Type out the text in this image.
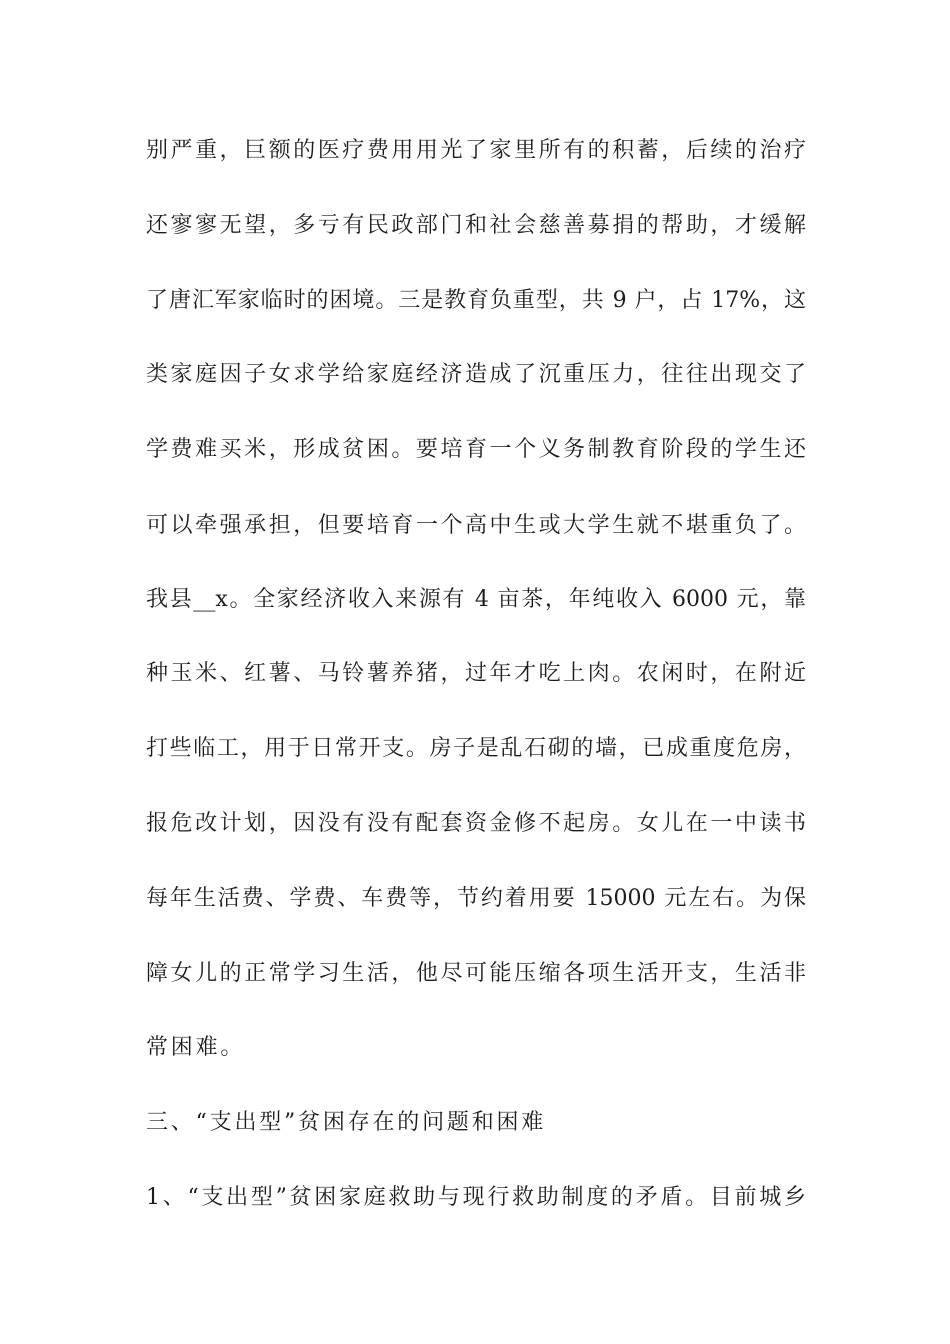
别严重，巨额的医疗费用用光了家里所有的积蓄，后续的治疗
还寥寥无望，多亏有民政部门和社会慈善募捐的帮助，才缓解
了唐汇军家临时的困境。三是教育负重型，共 9 户，占 17%，这
类家庭因子女求学给家庭经济造成了沉重压力，往往出现交了
学费难买米，形成贫困。要培育一个义务制教育阶段的学生还
可以牵强承担，但要培育一个高中生或大学生就不堪重负了。
我县__x。全家经济收入来源有 4 亩茶，年纯收入 6000 元，靠
种玉米、红薯、马铃薯养猪，过年才吃上肉。农闲时，在附近
打些临工，用于日常开支。房子是乱石砌的墙，已成重度危房，
报危改计划，因没有没有配套资金修不起房。女儿在一中读书
每年生活费、学费、车费等，节约着用要 15000 元左右。为保
障女儿的正常学习生活，他尽可能压缩各项生活开支，生活非
常困难。
三、“支出型”贫困存在的问题和困难
1、“支出型”贫困家庭救助与现行救助制度的矛盾。目前城乡
